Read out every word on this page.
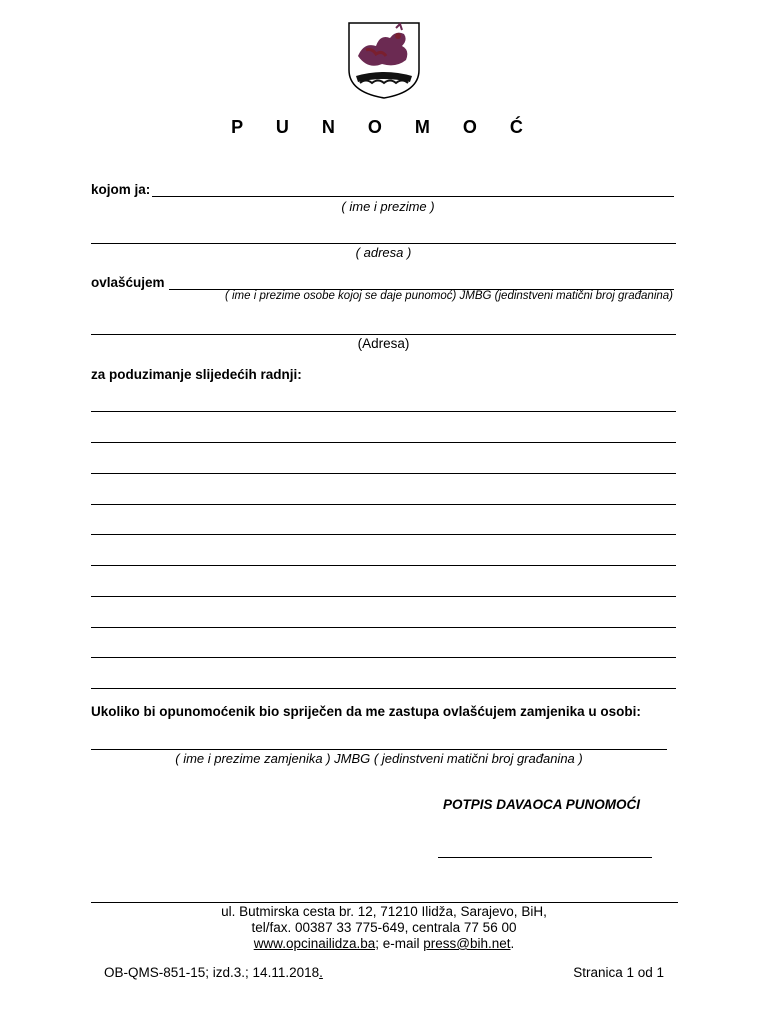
P U N O M O Ć
kojom ja:
( ime i prezime )
( adresa )
ovlašćujem
( ime i prezime osobe kojoj se daje punomoć) JMBG (jedinstveni matični broj građanina)
(Adresa)
za poduzimanje slijedećih radnji:
Ukoliko bi opunomoćenik bio spriječen da me zastupa ovlašćujem zamjenika u osobi:
( ime i prezime zamjenika ) JMBG ( jedinstveni matični broj građanina )
POTPIS DAVAOCA PUNOMOĆI
ul. Butmirska cesta br. 12, 71210 Ilidža, Sarajevo, BiH,
tel/fax. 00387 33 775-649, centrala 77 56 00
www.opcinailidza.ba; e-mail press@bih.net.
OB-QMS-851-15; izd.3.; 14.11.2018.	Stranica 1 od 1
